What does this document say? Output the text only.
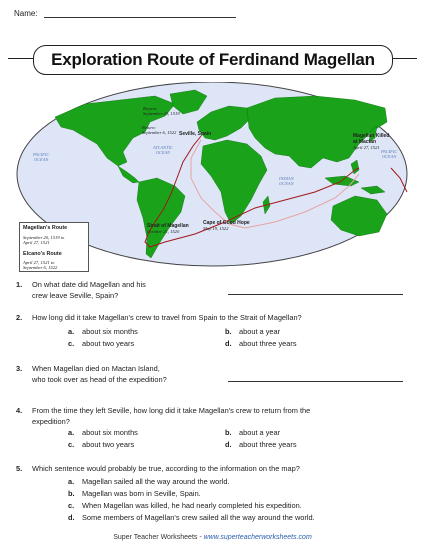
Name:
Exploration Route of Ferdinand Magellan
Boyant:
September 20, 1519
Return:
September 6, 1522 Seville, Spain	Magellan Killed
at Mactan
April 27, 1521
Strait of Magellan
October 21, 1520
Cape of Good Hope
May 19, 1522
PACIFIC
OCEAN
ATLANTIC
OCEAN
INDIAN
OCEAN
PACIFIC
OCEAN
Magellan's Route
September 20, 1519 to
April 27, 1521
Elcano's Route
April 27, 1521 to
September 6, 1522
1. On what date did Magellan and his
crew leave Seville, Spain?
2. How long did it take Magellan's crew to travel from Spain to the Strait of Magellan?
a. about six months	b. about a year
c. about two years	d. about three years
3. When Magellan died on Mactan Island,
who took over as head of the expedition?
4. From the time they left Seville, how long did it take Magellan's crew to return from the
expedition?
a. about six months	b. about a year
c. about two years	d. about three years
5. Which sentence would probably be true, according to the information on the map?
a. Magellan sailed all the way around the world.
b. Magellan was born in Seville, Spain.
c. When Magellan was killed, he had nearly completed his expedition.
d. Some members of Magellan's crew sailed all the way around the world.
Super Teacher Worksheets - www.superteacherworksheets.com
